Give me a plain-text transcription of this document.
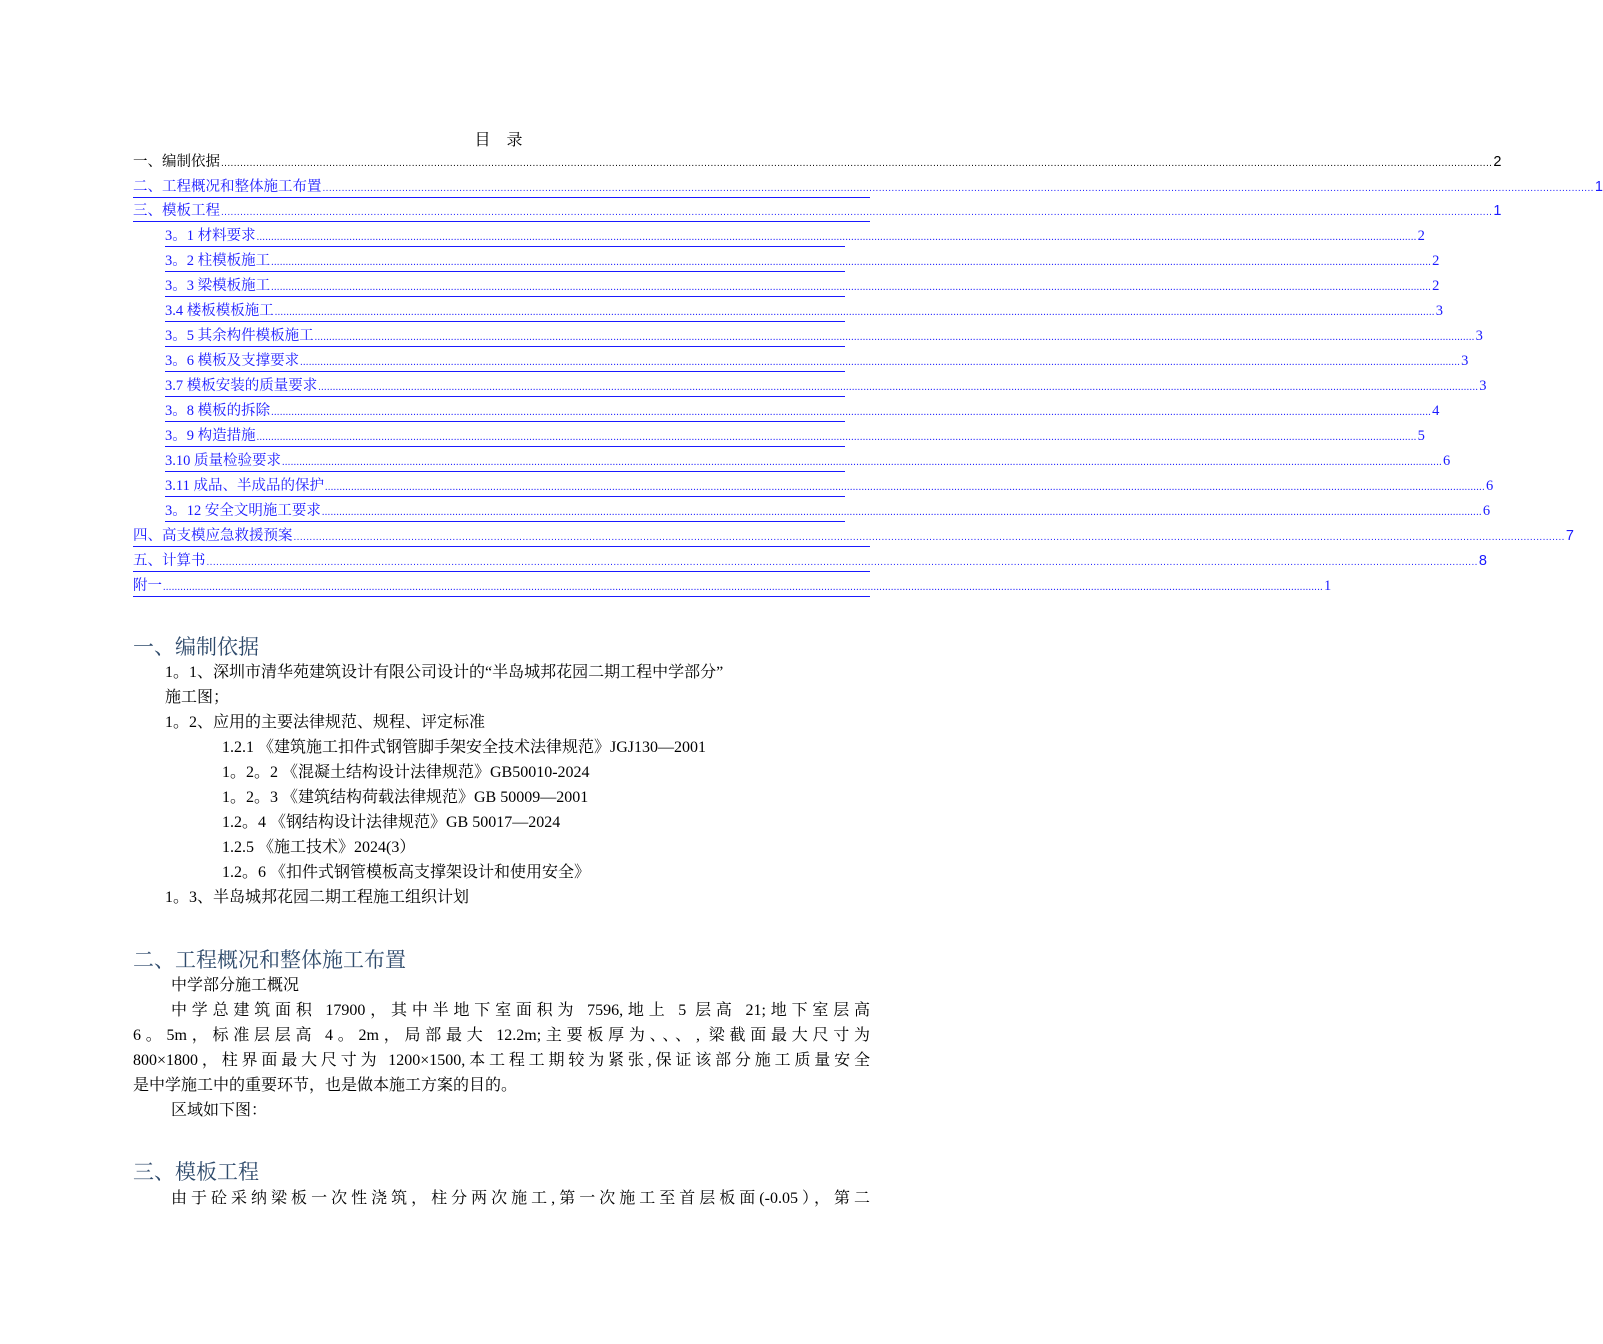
目 录
一、编制依据 ................................................................................................................................................................................................................................................................................................................................................................................................................ 2
二、工程概况和整体施工布置 ................................................................................................................................................................................................................................................................................................................................................................................................................ 1
三、模板工程 ................................................................................................................................................................................................................................................................................................................................................................................................................ 1
3。1 材料要求 ................................................................................................................................................................................................................................................................................................................................................................................................................ 2
3。2 柱模板施工 ................................................................................................................................................................................................................................................................................................................................................................................................................ 2
3。3 梁模板施工 ................................................................................................................................................................................................................................................................................................................................................................................................................ 2
3.4 楼板模板施工 ................................................................................................................................................................................................................................................................................................................................................................................................................ 3
3。5 其余构件模板施工 ................................................................................................................................................................................................................................................................................................................................................................................................................ 3
3。6 模板及支撑要求 ................................................................................................................................................................................................................................................................................................................................................................................................................ 3
3.7 模板安装的质量要求 ................................................................................................................................................................................................................................................................................................................................................................................................................ 3
3。8 模板的拆除 ................................................................................................................................................................................................................................................................................................................................................................................................................ 4
3。9 构造措施 ................................................................................................................................................................................................................................................................................................................................................................................................................ 5
3.10 质量检验要求 ................................................................................................................................................................................................................................................................................................................................................................................................................ 6
3.11 成品、半成品的保护 ................................................................................................................................................................................................................................................................................................................................................................................................................ 6
3。12 安全文明施工要求 ................................................................................................................................................................................................................................................................................................................................................................................................................ 6
四、高支模应急救援预案 ................................................................................................................................................................................................................................................................................................................................................................................................................ 7
五、计算书 ................................................................................................................................................................................................................................................................................................................................................................................................................ 8
附一 ................................................................................................................................................................................................................................................................................................................................................................................................................ 1
一、编制依据
1。1、深圳市清华苑建筑设计有限公司设计的“半岛城邦花园二期工程中学部分”
施工图；
1。2、应用的主要法律规范、规程、评定标准
1.2.1 《建筑施工扣件式钢管脚手架安全技术法律规范》JGJ130—2001
1。2。2 《混凝土结构设计法律规范》GB50010-2024
1。2。3 《建筑结构荷载法律规范》GB 50009—2001
1.2。4 《钢结构设计法律规范》GB 50017—2024
1.2.5 《施工技术》2024(3）
1.2。6 《扣件式钢管模板高支撑架设计和使用安全》
1。3、半岛城邦花园二期工程施工组织计划
二、工程概况和整体施工布置
中学部分施工概况
中学总建筑面积 17900，其中半地下室面积为 7596,地上 5 层高 21;地下室层高
6。5m，标准层层高 4。2m，局部最大 12.2m;主要板厚为、、、, 梁截面最大尺寸为
800×1800，柱界面最大尺寸为 1200×1500,本工程工期较为紧张,保证该部分施工质量安全
是中学施工中的重要环节，也是做本施工方案的目的。
区域如下图：
三、模板工程
由于砼采纳梁板一次性浇筑，柱分两次施工,第一次施工至首层板面(-0.05），第二
